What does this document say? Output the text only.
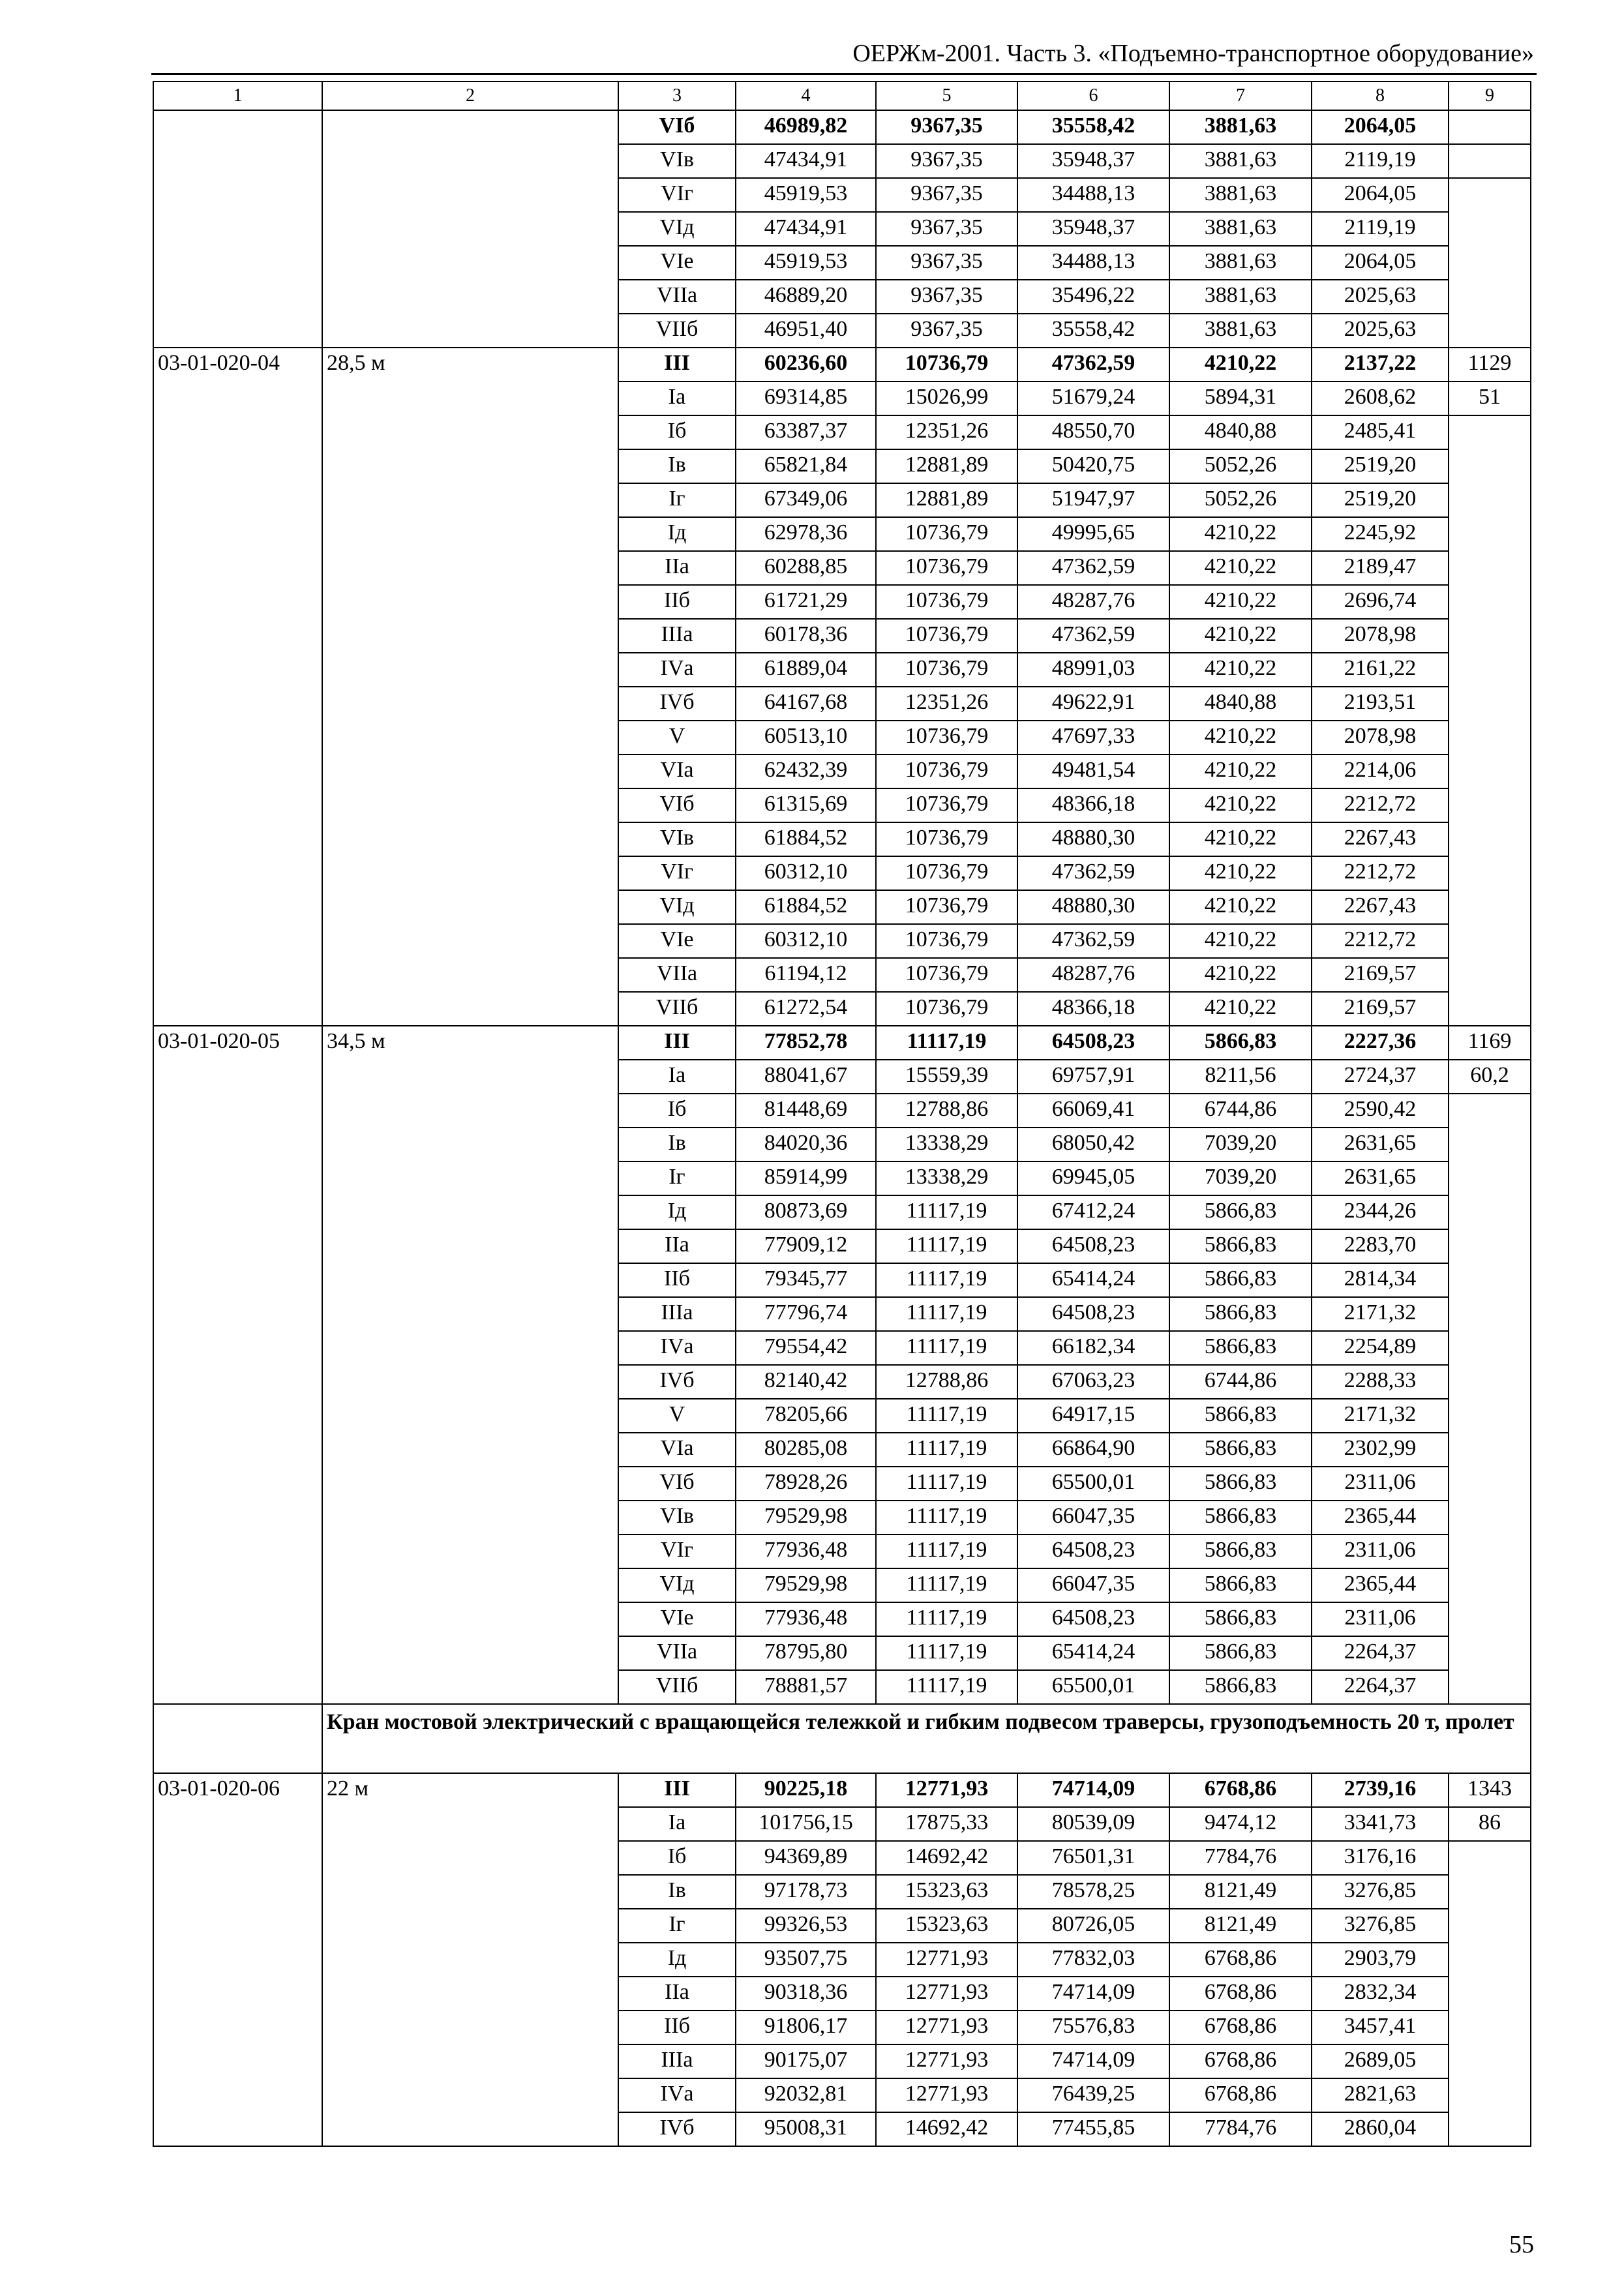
ОЕРЖм-2001. Часть 3. «Подъемно-транспортное оборудование»
1	2	3	4	5	6	7	8	9
		VIб	46989,82	9367,35	35558,42	3881,63	2064,05	
		VIв	47434,91	9367,35	35948,37	3881,63	2119,19	
		VIг	45919,53	9367,35	34488,13	3881,63	2064,05	
		VIд	47434,91	9367,35	35948,37	3881,63	2119,19	
		VIе	45919,53	9367,35	34488,13	3881,63	2064,05	
		VIIа	46889,20	9367,35	35496,22	3881,63	2025,63	
		VIIб	46951,40	9367,35	35558,42	3881,63	2025,63	
03-01-020-04	28,5 м	III	60236,60	10736,79	47362,59	4210,22	2137,22	1129
		Iа	69314,85	15026,99	51679,24	5894,31	2608,62	51
		Iб	63387,37	12351,26	48550,70	4840,88	2485,41	
		Iв	65821,84	12881,89	50420,75	5052,26	2519,20	
		Iг	67349,06	12881,89	51947,97	5052,26	2519,20	
		Iд	62978,36	10736,79	49995,65	4210,22	2245,92	
		IIа	60288,85	10736,79	47362,59	4210,22	2189,47	
		IIб	61721,29	10736,79	48287,76	4210,22	2696,74	
		IIIа	60178,36	10736,79	47362,59	4210,22	2078,98	
		IVа	61889,04	10736,79	48991,03	4210,22	2161,22	
		IVб	64167,68	12351,26	49622,91	4840,88	2193,51	
		V	60513,10	10736,79	47697,33	4210,22	2078,98	
		VIа	62432,39	10736,79	49481,54	4210,22	2214,06	
		VIб	61315,69	10736,79	48366,18	4210,22	2212,72	
		VIв	61884,52	10736,79	48880,30	4210,22	2267,43	
		VIг	60312,10	10736,79	47362,59	4210,22	2212,72	
		VIд	61884,52	10736,79	48880,30	4210,22	2267,43	
		VIе	60312,10	10736,79	47362,59	4210,22	2212,72	
		VIIа	61194,12	10736,79	48287,76	4210,22	2169,57	
		VIIб	61272,54	10736,79	48366,18	4210,22	2169,57	
03-01-020-05	34,5 м	III	77852,78	11117,19	64508,23	5866,83	2227,36	1169
		Iа	88041,67	15559,39	69757,91	8211,56	2724,37	60,2
		Iб	81448,69	12788,86	66069,41	6744,86	2590,42	
		Iв	84020,36	13338,29	68050,42	7039,20	2631,65	
		Iг	85914,99	13338,29	69945,05	7039,20	2631,65	
		Iд	80873,69	11117,19	67412,24	5866,83	2344,26	
		IIа	77909,12	11117,19	64508,23	5866,83	2283,70	
		IIб	79345,77	11117,19	65414,24	5866,83	2814,34	
		IIIа	77796,74	11117,19	64508,23	5866,83	2171,32	
		IVа	79554,42	11117,19	66182,34	5866,83	2254,89	
		IVб	82140,42	12788,86	67063,23	6744,86	2288,33	
		V	78205,66	11117,19	64917,15	5866,83	2171,32	
		VIа	80285,08	11117,19	66864,90	5866,83	2302,99	
		VIб	78928,26	11117,19	65500,01	5866,83	2311,06	
		VIв	79529,98	11117,19	66047,35	5866,83	2365,44	
		VIг	77936,48	11117,19	64508,23	5866,83	2311,06	
		VIд	79529,98	11117,19	66047,35	5866,83	2365,44	
		VIе	77936,48	11117,19	64508,23	5866,83	2311,06	
		VIIа	78795,80	11117,19	65414,24	5866,83	2264,37	
		VIIб	78881,57	11117,19	65500,01	5866,83	2264,37	
	Кран мостовой электрический с вращающейся тележкой и гибким подвесом траверсы, грузоподъемность 20 т, пролет							
03-01-020-06	22 м	III	90225,18	12771,93	74714,09	6768,86	2739,16	1343
		Iа	101756,15	17875,33	80539,09	9474,12	3341,73	86
		Iб	94369,89	14692,42	76501,31	7784,76	3176,16	
		Iв	97178,73	15323,63	78578,25	8121,49	3276,85	
		Iг	99326,53	15323,63	80726,05	8121,49	3276,85	
		Iд	93507,75	12771,93	77832,03	6768,86	2903,79	
		IIа	90318,36	12771,93	74714,09	6768,86	2832,34	
		IIб	91806,17	12771,93	75576,83	6768,86	3457,41	
		IIIа	90175,07	12771,93	74714,09	6768,86	2689,05	
		IVа	92032,81	12771,93	76439,25	6768,86	2821,63	
		IVб	95008,31	14692,42	77455,85	7784,76	2860,04	
55
